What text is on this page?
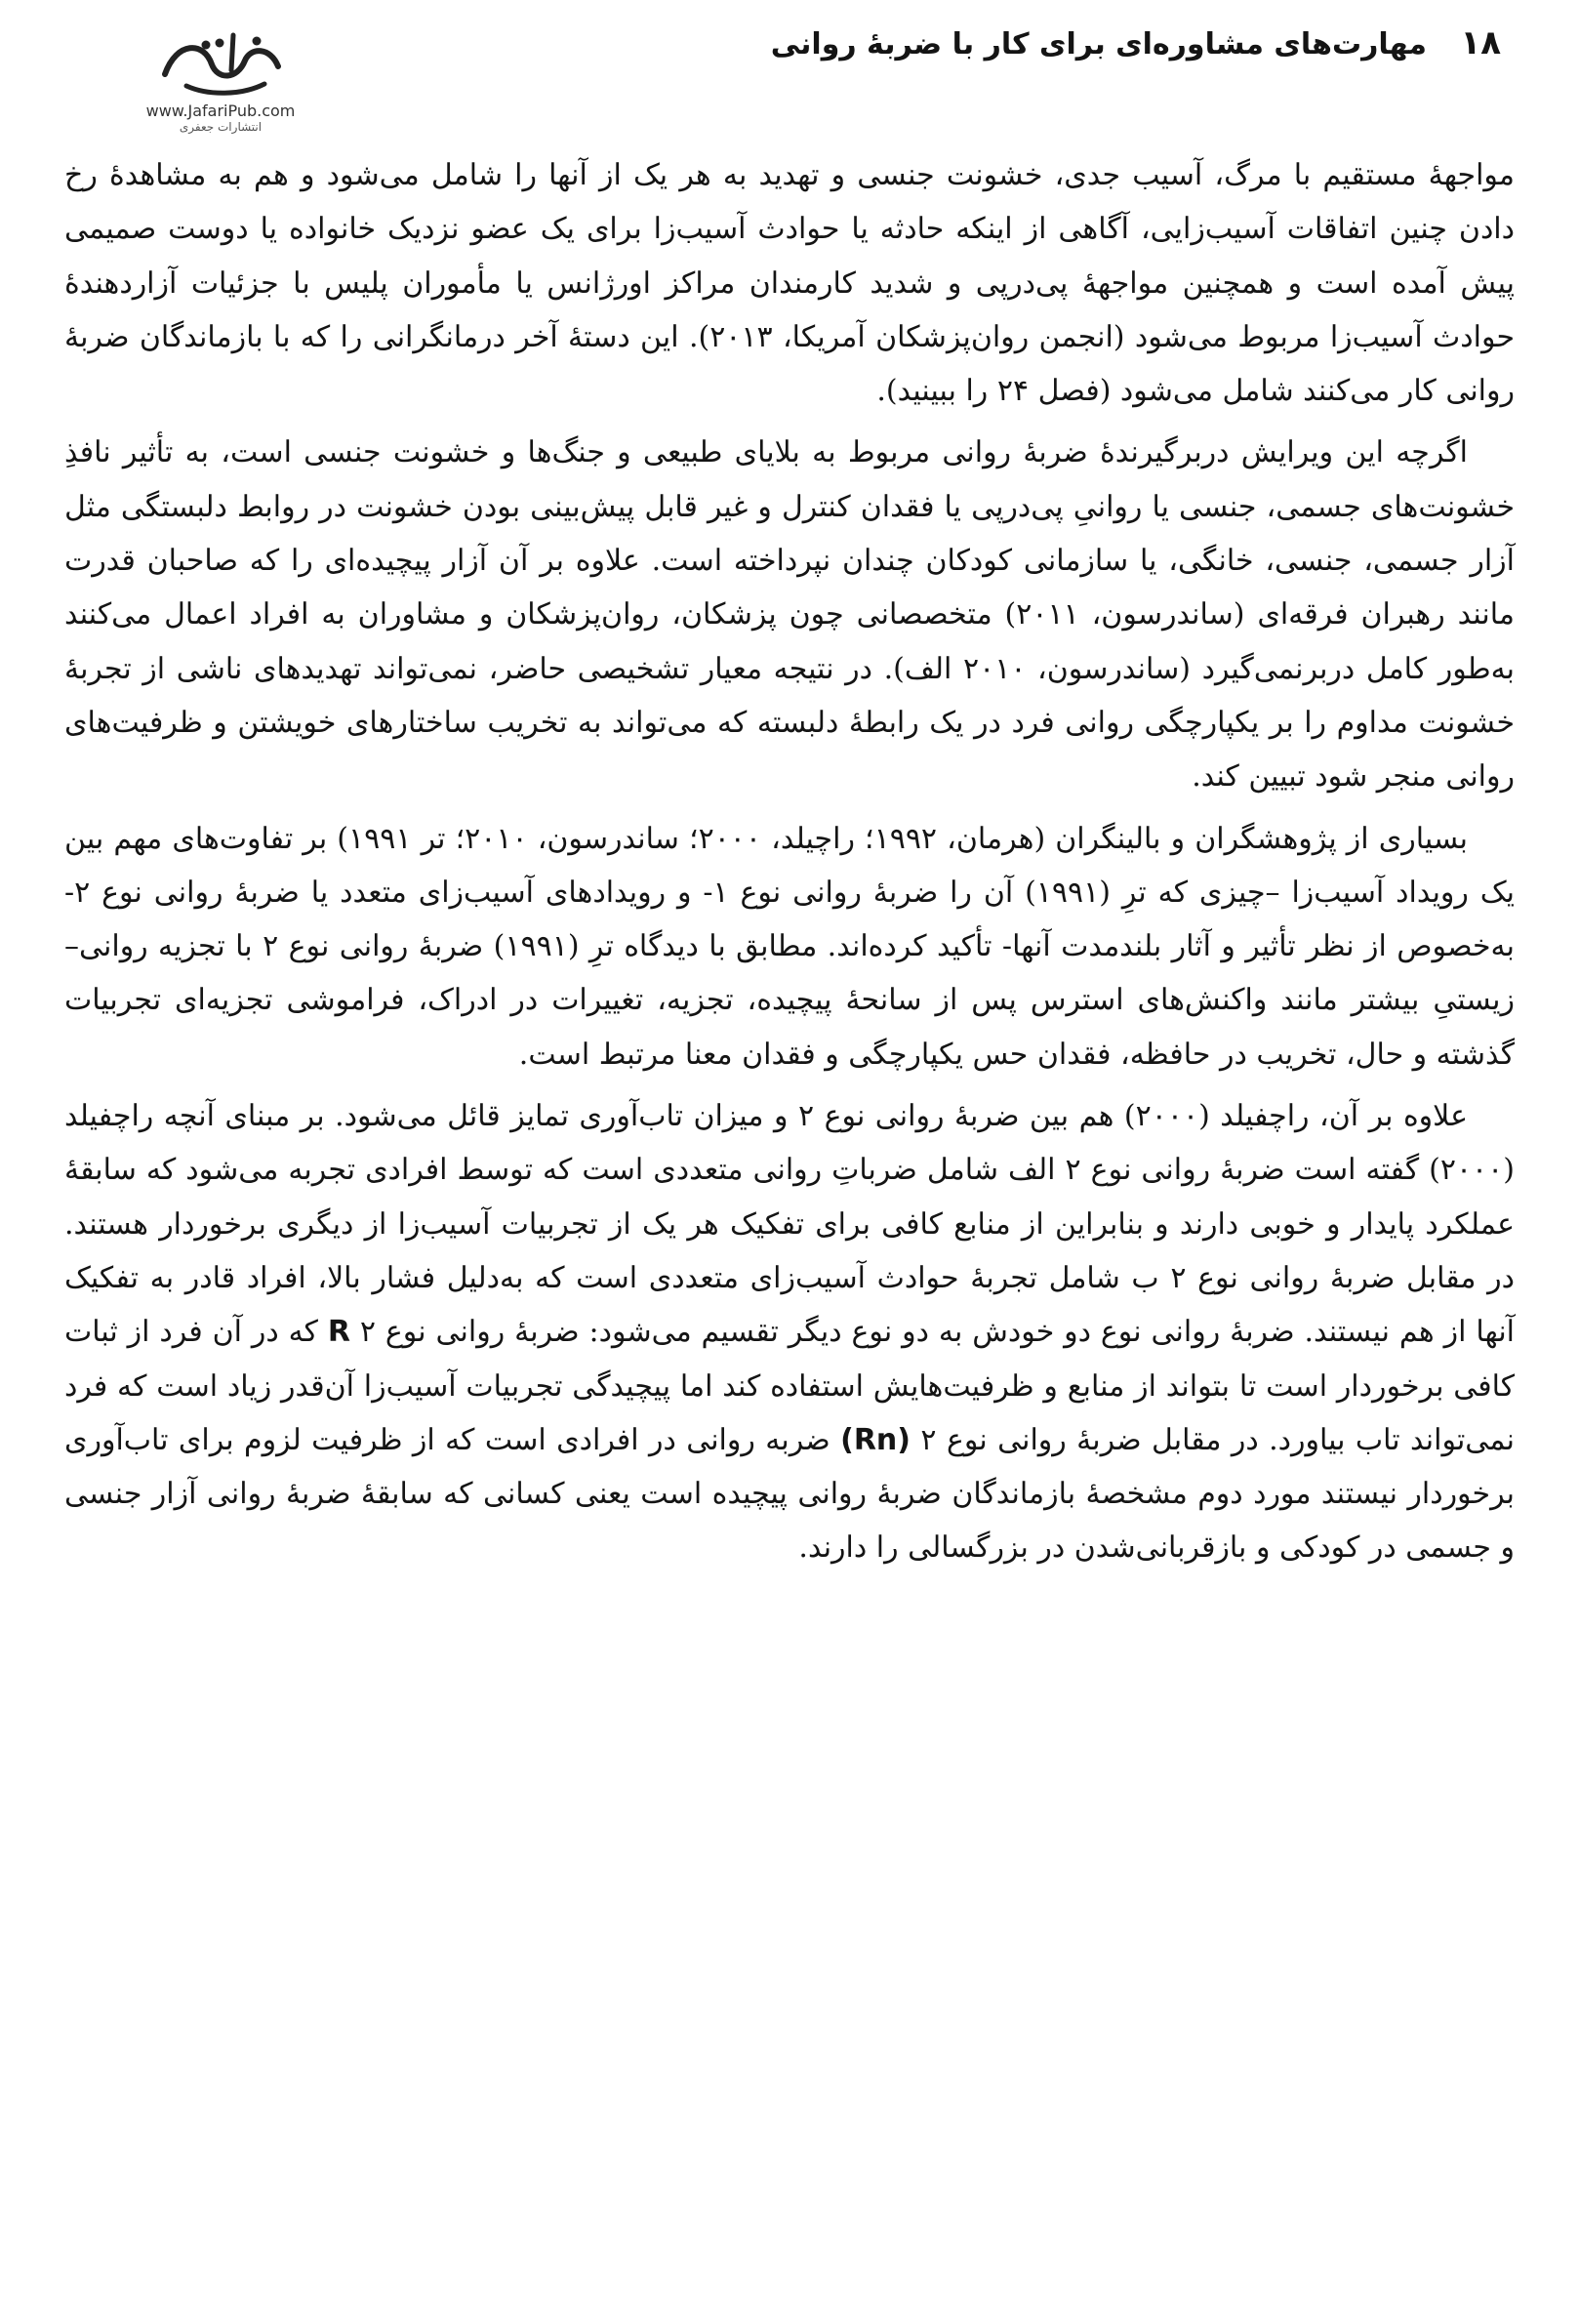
۱۸
مهارت‌های مشاوره‌ای برای کار با ضربهٔ روانی
www.JafariPub.com
انتشارات جعفری

مواجههٔ مستقیم با مرگ، آسیب جدی، خشونت جنسی و تهدید به هر یک از آنها را شامل می‌شود و هم به مشاهدهٔ رخ دادن چنین اتفاقات آسیب‌زایی، آگاهی از اینکه حادثه یا حوادث آسیب‌زا برای یک عضو نزدیک خانواده یا دوست صمیمی پیش آمده است و همچنین مواجههٔ پی‌درپی و شدید کارمندان مراکز اورژانس یا مأموران پلیس با جزئیات آزاردهندهٔ حوادث آسیب‌زا مربوط می‌شود (انجمن روان‌پزشکان آمریکا، ۲۰۱۳). این دستهٔ آخر درمانگرانی را که با بازماندگان ضربهٔ روانی کار می‌کنند شامل می‌شود (فصل ۲۴ را ببینید).

اگرچه این ویرایش دربرگیرندهٔ ضربهٔ روانی مربوط به بلایای طبیعی و جنگ‌ها و خشونت جنسی است، به تأثیر نافذِ خشونت‌های جسمی، جنسی یا روانیِ پی‌درپی یا فقدان کنترل و غیر قابل پیش‌بینی بودن خشونت در روابط دلبستگی مثل آزار جسمی، جنسی، خانگی، یا سازمانی کودکان چندان نپرداخته است. علاوه بر آن آزار پیچیده‌ای را که صاحبان قدرت مانند رهبران فرقه‌ای (ساندرسون، ۲۰۱۱) متخصصانی چون پزشکان، روان‌پزشکان و مشاوران به افراد اعمال می‌کنند به‌طور کامل دربرنمی‌گیرد (ساندرسون، ۲۰۱۰ الف). در نتیجه معیار تشخیصی حاضر، نمی‌تواند تهدیدهای ناشی از تجربهٔ خشونت مداوم را بر یکپارچگی روانی فرد در یک رابطهٔ دلبسته که می‌تواند به تخریب ساختارهای خویشتن و ظرفیت‌های روانی منجر شود تبیین کند.

بسیاری از پژوهشگران و بالینگران (هرمان، ۱۹۹۲؛ راچیلد، ۲۰۰۰؛ ساندرسون، ۲۰۱۰؛ تر ۱۹۹۱) بر تفاوت‌های مهم بین یک رویداد آسیب‌زا –چیزی که ترِ (۱۹۹۱) آن را ضربهٔ روانی نوع ۱- و رویدادهای آسیب‌زای متعدد یا ضربهٔ روانی نوع ۲- به‌خصوص از نظر تأثیر و آثار بلندمدت آنها- تأکید کرده‌اند. مطابق با دیدگاه ترِ (۱۹۹۱) ضربهٔ روانی نوع ۲ با تجزیه روانی–زیستیِ بیشتر مانند واکنش‌های استرس پس از سانحهٔ پیچیده، تجزیه، تغییرات در ادراک، فراموشی تجزیه‌ای تجربیات گذشته و حال، تخریب در حافظه، فقدان حس یکپارچگی و فقدان معنا مرتبط است.

علاوه بر آن، راچفیلد (۲۰۰۰) هم بین ضربهٔ روانی نوع ۲ و میزان تاب‌آوری تمایز قائل می‌شود. بر مبنای آنچه راچفیلد (۲۰۰۰) گفته است ضربهٔ روانی نوع ۲ الف شامل ضرباتِ روانی متعددی است که توسط افرادی تجربه می‌شود که سابقهٔ عملکرد پایدار و خوبی دارند و بنابراین از منابع کافی برای تفکیک هر یک از تجربیات آسیب‌زا از دیگری برخوردار هستند. در مقابل ضربهٔ روانی نوع ۲ ب شامل تجربهٔ حوادث آسیب‌زای متعددی است که به‌دلیل فشار بالا، افراد قادر به تفکیک آنها از هم نیستند. ضربهٔ روانی نوع دو خودش به دو نوع دیگر تقسیم می‌شود: ضربهٔ روانی نوع ۲ R که در آن فرد از ثبات کافی برخوردار است تا بتواند از منابع و ظرفیت‌هایش استفاده کند اما پیچیدگی تجربیات آسیب‌زا آن‌قدر زیاد است که فرد نمی‌تواند تاب بیاورد. در مقابل ضربهٔ روانی نوع ۲ (Rn) ضربه روانی در افرادی است که از ظرفیت لزوم برای تاب‌آوری برخوردار نیستند مورد دوم مشخصهٔ بازماندگان ضربهٔ روانی پیچیده است یعنی کسانی که سابقهٔ ضربهٔ روانی آزار جنسی و جسمی در کودکی و بازقربانی‌شدن در بزرگسالی را دارند.
